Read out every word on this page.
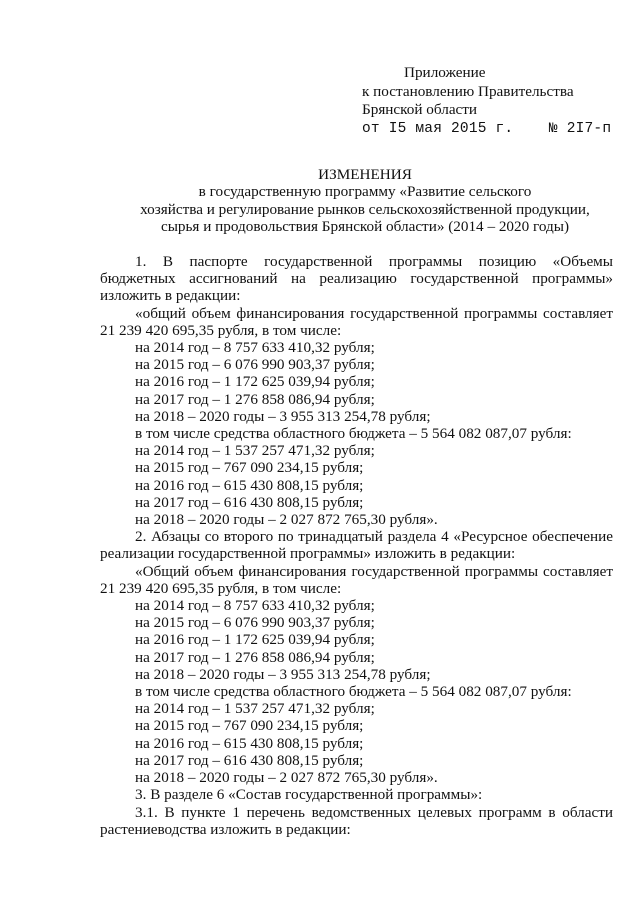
Приложение
к постановлению Правительства
Брянской области
от I5 мая 2015 г.    № 2I7-п
ИЗМЕНЕНИЯ
в государственную программу «Развитие сельского
хозяйства и регулирование рынков сельскохозяйственной продукции,
сырья и продовольствия Брянской области» (2014 – 2020 годы)
1. В паспорте государственной программы позицию «Объемы
бюджетных ассигнований на реализацию государственной программы»
изложить в редакции:
«общий объем финансирования государственной программы составляет
21 239 420 695,35 рубля, в том числе:
на 2014 год – 8 757 633 410,32 рубля;
на 2015 год – 6 076 990 903,37 рубля;
на 2016 год – 1 172 625 039,94 рубля;
на 2017 год – 1 276 858 086,94 рубля;
на 2018 – 2020 годы – 3 955 313 254,78 рубля;
в том числе средства областного бюджета – 5 564 082 087,07 рубля:
на 2014 год – 1 537 257 471,32 рубля;
на 2015 год – 767 090 234,15 рубля;
на 2016 год – 615 430 808,15 рубля;
на 2017 год – 616 430 808,15 рубля;
на 2018 – 2020 годы – 2 027 872 765,30 рубля».
2. Абзацы со второго по тринадцатый раздела 4 «Ресурсное обеспечение
реализации государственной программы» изложить в редакции:
«Общий объем финансирования государственной программы составляет
21 239 420 695,35 рубля, в том числе:
на 2014 год – 8 757 633 410,32 рубля;
на 2015 год – 6 076 990 903,37 рубля;
на 2016 год – 1 172 625 039,94 рубля;
на 2017 год – 1 276 858 086,94 рубля;
на 2018 – 2020 годы – 3 955 313 254,78 рубля;
в том числе средства областного бюджета – 5 564 082 087,07 рубля:
на 2014 год – 1 537 257 471,32 рубля;
на 2015 год – 767 090 234,15 рубля;
на 2016 год – 615 430 808,15 рубля;
на 2017 год – 616 430 808,15 рубля;
на 2018 – 2020 годы – 2 027 872 765,30 рубля».
3. В разделе 6 «Состав государственной программы»:
3.1. В пункте 1 перечень ведомственных целевых программ в области
растениеводства изложить в редакции:
